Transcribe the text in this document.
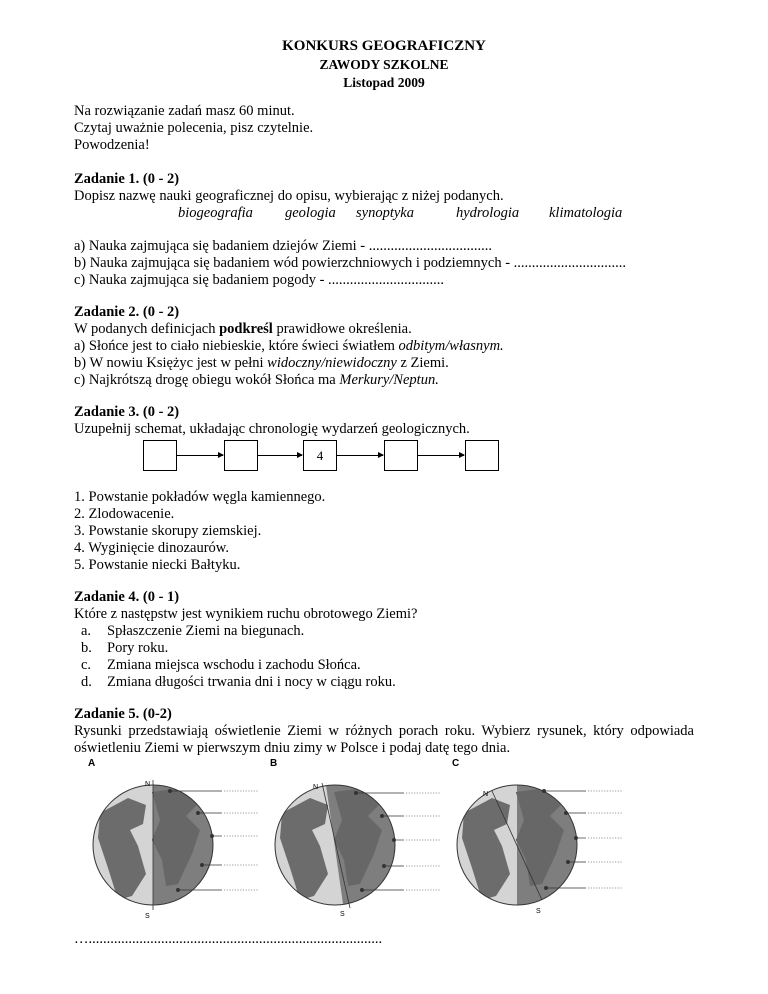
KONKURS GEOGRAFICZNY
ZAWODY SZKOLNE
Listopad 2009
Na rozwiązanie zadań masz 60 minut.
Czytaj uważnie polecenia, pisz czytelnie.
Powodzenia!
Zadanie 1. (0 - 2)
Dopisz nazwę nauki geograficznej do opisu, wybierając z niżej podanych.
biogeografia geologia synoptyka	hydrologia klimatologia
a) Nauka zajmująca się badaniem dziejów Ziemi - ..................................
b) Nauka zajmująca się badaniem wód powierzchniowych i podziemnych - ...............................
c) Nauka zajmująca się badaniem pogody - ................................
Zadanie 2. (0 - 2)
W podanych definicjach podkreśl prawidłowe określenia.
a) Słońce jest to ciało niebieskie, które świeci światłem odbitym/własnym.
b) W nowiu Księżyc jest w pełni widoczny/niewidoczny z Ziemi.
c) Najkrótszą drogę obiegu wokół Słońca ma Merkury/Neptun.
Zadanie 3. (0 - 2)
Uzupełnij schemat, układając chronologię wydarzeń geologicznych.
4
1. Powstanie pokładów węgla kamiennego.
2. Zlodowacenie.
3. Powstanie skorupy ziemskiej.
4. Wyginięcie dinozaurów.
5. Powstanie niecki Bałtyku.
Zadanie 4. (0 - 1)
Które z następstw jest wynikiem ruchu obrotowego Ziemi?
a. Spłaszczenie Ziemi na biegunach.
b. Pory roku.
c. Zmiana miejsca wschodu i zachodu Słońca.
d. Zmiana długości trwania dni i nocy w ciągu roku.
Zadanie 5. (0-2)
Rysunki przedstawiają oświetlenie Ziemi w różnych porach roku. Wybierz rysunek, który odpowiada oświetleniu Ziemi w pierwszym dniu zimy w Polsce i podaj datę tego dnia.
A
N
S
B
N
S
C
N
S
….................................................................................
